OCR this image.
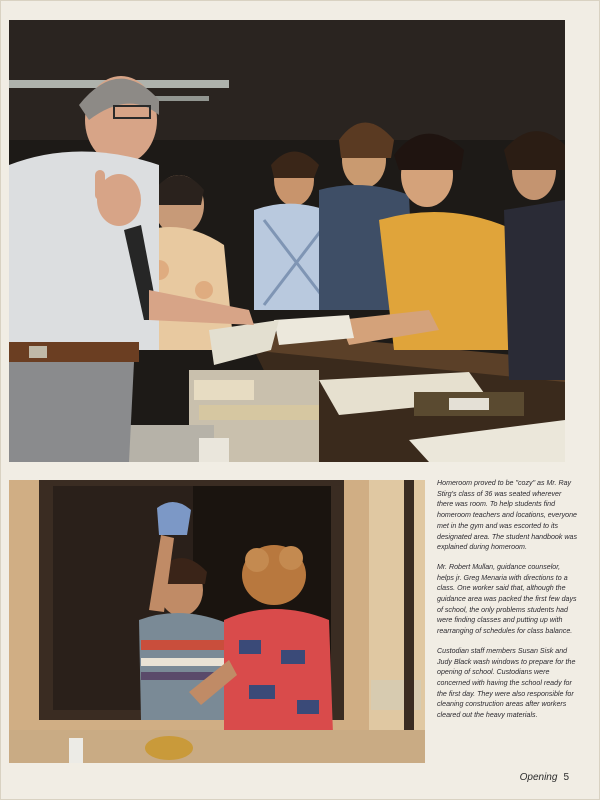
Homeroom proved to be "cozy" as Mr. Ray Stirg's class of 36 was seated wherever there was room. To help students find homeroom teachers and locations, everyone met in the gym and was escorted to its designated area. The student handbook was explained during homeroom.

Mr. Robert Mullan, guidance counselor, helps jr. Greg Menaria with directions to a class. One worker said that, although the guidance area was packed the first few days of school, the only problems students had were finding classes and putting up with rearranging of schedules for class balance.

Custodian staff members Susan Sisk and Judy Black wash windows to prepare for the opening of school. Custodians were concerned with having the school ready for the first day. They were also responsible for cleaning construction areas after workers cleared out the heavy materials.

Opening 5
